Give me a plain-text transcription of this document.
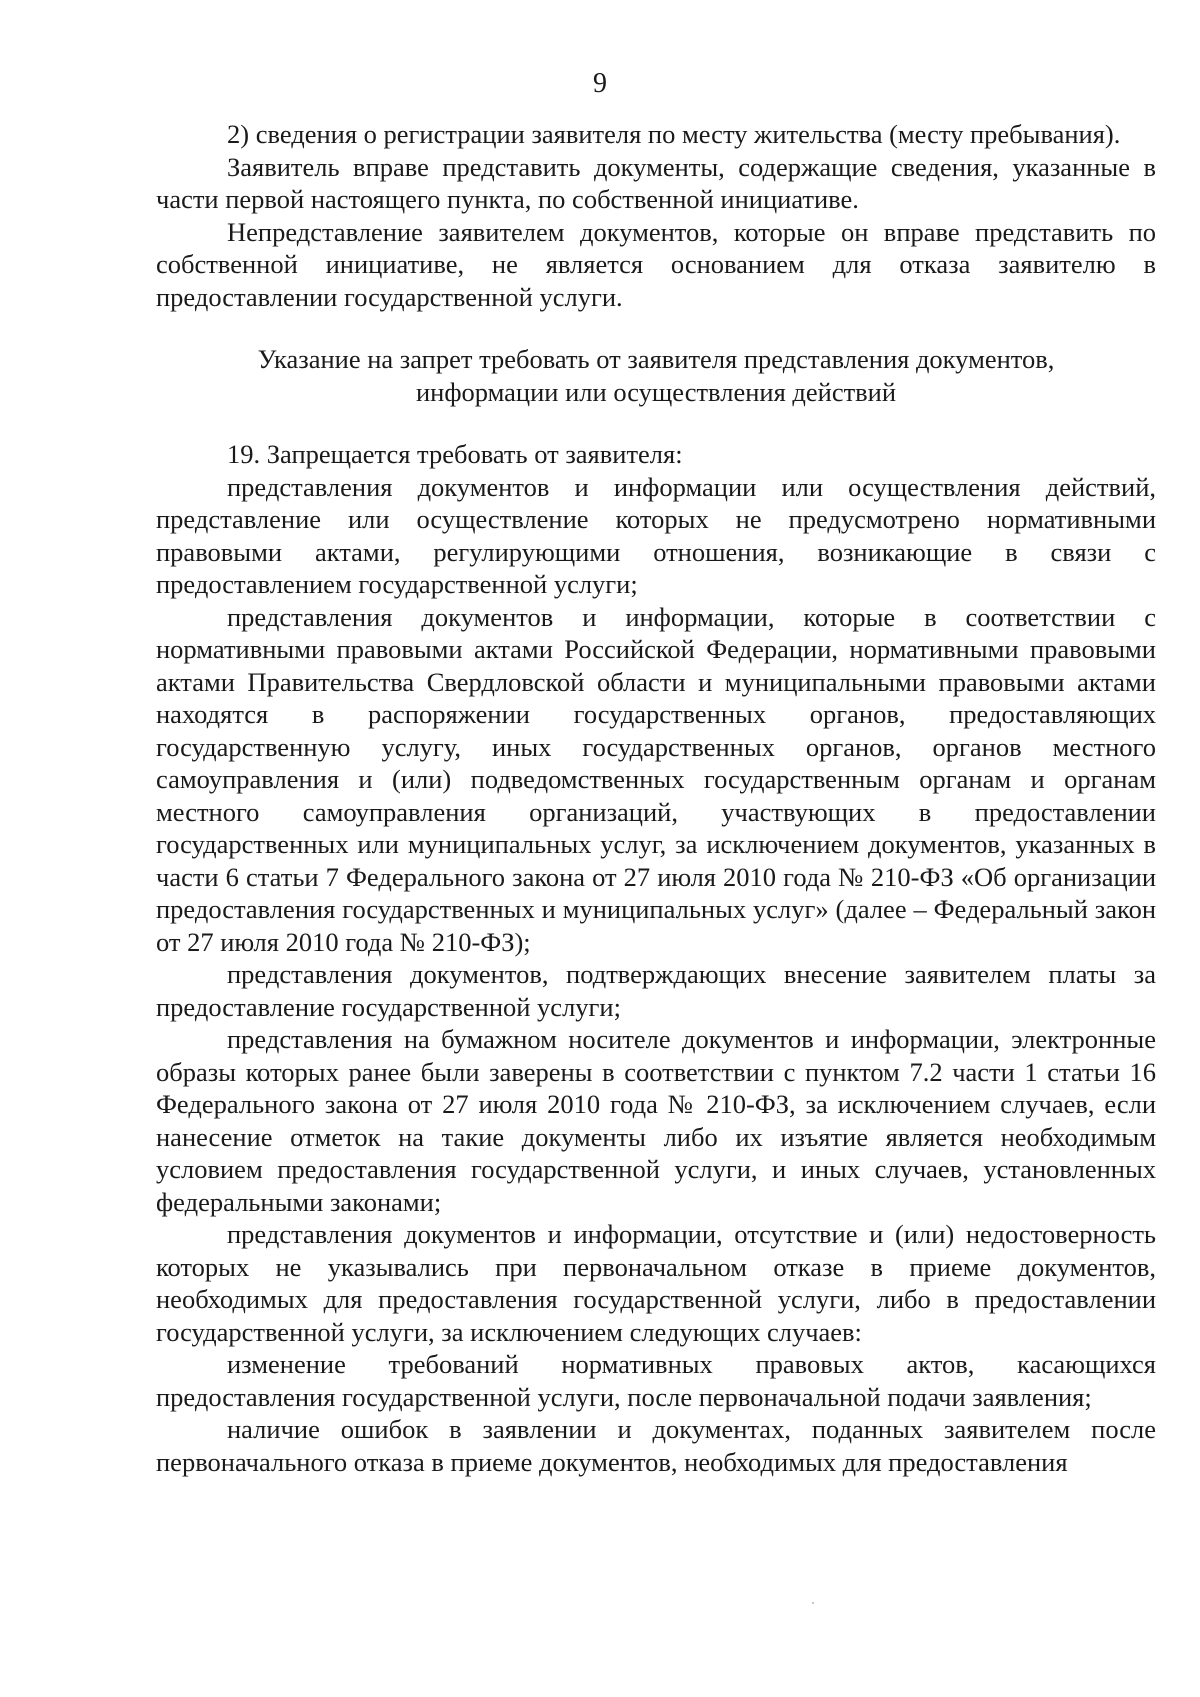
9

2) сведения о регистрации заявителя по месту жительства (месту пребывания).

Заявитель вправе представить документы, содержащие сведения, указанные в части первой настоящего пункта, по собственной инициативе.

Непредставление заявителем документов, которые он вправе представить по собственной инициативе, не является основанием для отказа заявителю в предоставлении государственной услуги.

Указание на запрет требовать от заявителя представления документов,
информации или осуществления действий

19. Запрещается требовать от заявителя:

представления документов и информации или осуществления действий, представление или осуществление которых не предусмотрено нормативными правовыми актами, регулирующими отношения, возникающие в связи с предоставлением государственной услуги;

представления документов и информации, которые в соответствии с нормативными правовыми актами Российской Федерации, нормативными правовыми актами Правительства Свердловской области и муниципальными правовыми актами находятся в распоряжении государственных органов, предоставляющих государственную услугу, иных государственных органов, органов местного самоуправления и (или) подведомственных государственным органам и органам местного самоуправления организаций, участвующих в предоставлении государственных или муниципальных услуг, за исключением документов, указанных в части 6 статьи 7 Федерального закона от 27 июля 2010 года № 210-ФЗ «Об организации предоставления государственных и муниципальных услуг» (далее – Федеральный закон от 27 июля 2010 года № 210-ФЗ);

представления документов, подтверждающих внесение заявителем платы за предоставление государственной услуги;

представления на бумажном носителе документов и информации, электронные образы которых ранее были заверены в соответствии с пунктом 7.2 части 1 статьи 16 Федерального закона от 27 июля 2010 года № 210-ФЗ, за исключением случаев, если нанесение отметок на такие документы либо их изъятие является необходимым условием предоставления государственной услуги, и иных случаев, установленных федеральными законами;

представления документов и информации, отсутствие и (или) недостоверность которых не указывались при первоначальном отказе в приеме документов, необходимых для предоставления государственной услуги, либо в предоставлении государственной услуги, за исключением следующих случаев:

изменение требований нормативных правовых актов, касающихся предоставления государственной услуги, после первоначальной подачи заявления;

наличие ошибок в заявлении и документах, поданных заявителем после первоначального отказа в приеме документов, необходимых для предоставления
